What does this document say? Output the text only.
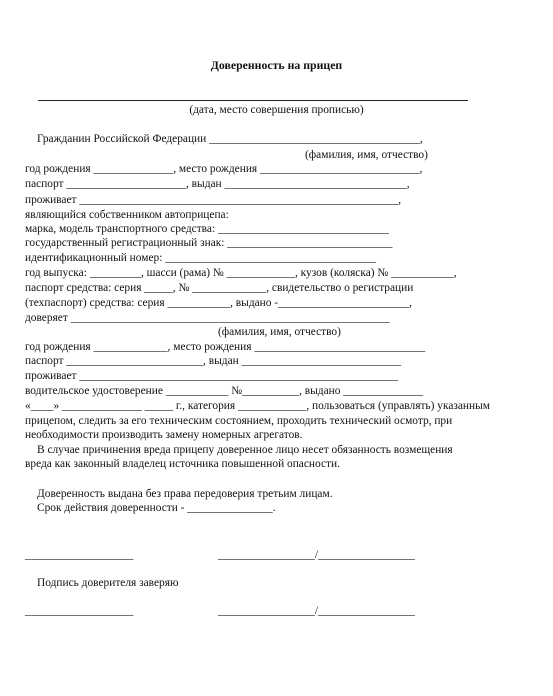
Доверенность на прицеп
(дата, место совершения прописью)
Гражданин Российской Федерации _____________________________________,
(фамилия, имя, отчество)
год рождения ______________, место рождения ____________________________,
паспорт _____________________, выдан ________________________________,
проживает ________________________________________________________,
являющийся собственником автоприцепа:
марка, модель транспортного средства: ______________________________
государственный регистрационный знак: _____________________________
идентификационный номер: _____________________________________
год выпуска: _________, шасси (рама) № ____________, кузов (коляска) № ___________,
паспорт средства: серия _____, № _____________, свидетельство о регистрации
(техпаспорт) средства: серия ___________, выдано -_______________________,
доверяет ________________________________________________________
(фамилия, имя, отчество)
год рождения _____________, место рождения ______________________________
паспорт ________________________, выдан ____________________________
проживает ________________________________________________________
водительское удостоверение ___________ №__________, выдано ______________
«____» ______________ _____ г., категория ____________, пользоваться (управлять) указанным
прицепом, следить за его техническим состоянием, проходить технический осмотр, при
необходимости производить замену номерных агрегатов.
В случае причинения вреда прицепу доверенное лицо несет обязанность возмещения
вреда как законный владелец источника повышенной опасности.
Доверенность выдана без права передоверия третьим лицам.
Срок действия доверенности - _______________.
___________________	_________________/_________________
Подпись доверителя заверяю
___________________	_________________/_________________
